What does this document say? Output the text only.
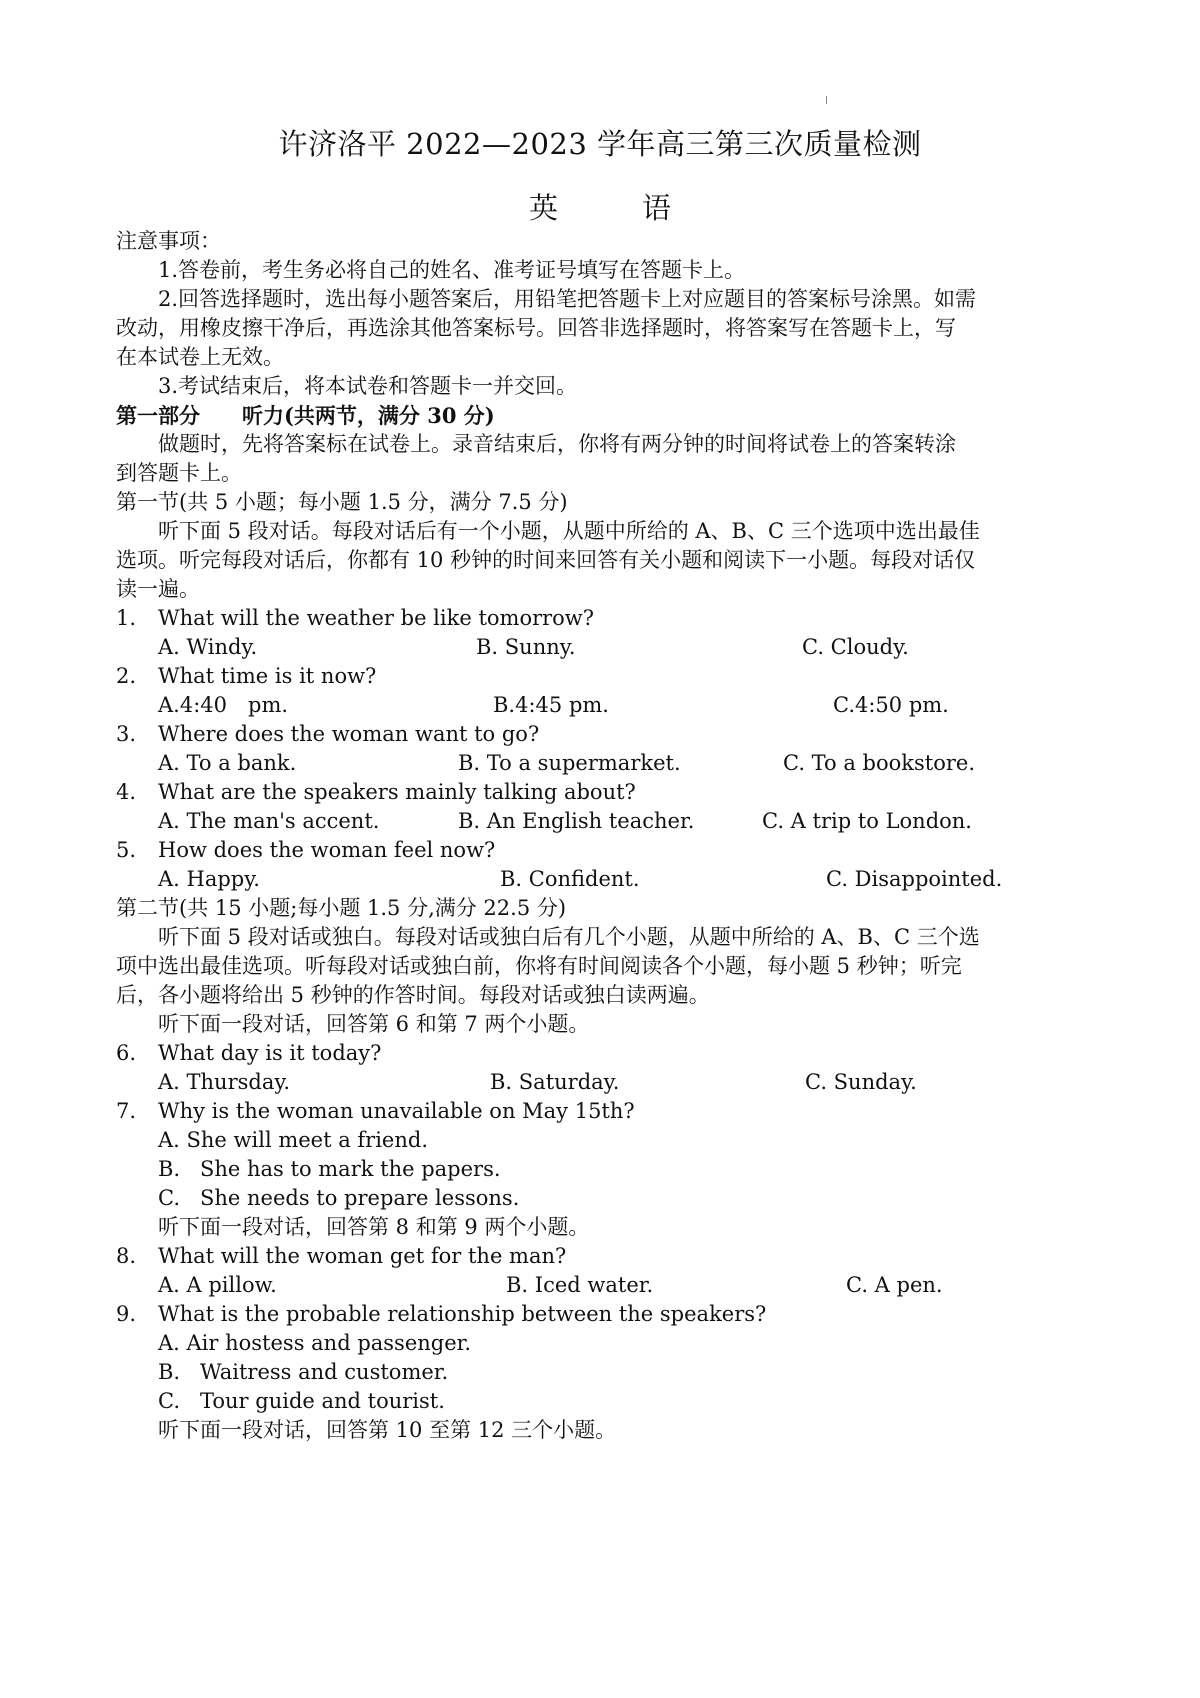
许济洛平 2022—2023 学年高三第三次质量检测
英	语
注意事项：
1.答卷前，考生务必将自己的姓名、准考证号填写在答题卡上。
2.回答选择题时，选出每小题答案后，用铅笔把答题卡上对应题目的答案标号涂黑。如需
改动，用橡皮擦干净后，再选涂其他答案标号。回答非选择题时，将答案写在答题卡上，写
在本试卷上无效。
3.考试结束后，将本试卷和答题卡一并交回。
第一部分　　听力(共两节，满分 30 分)
做题时，先将答案标在试卷上。录音结束后，你将有两分钟的时间将试卷上的答案转涂
到答题卡上。
第一节(共 5 小题；每小题 1.5 分，满分 7.5 分)
听下面 5 段对话。每段对话后有一个小题，从题中所给的 A、B、C 三个选项中选出最佳
选项。听完每段对话后，你都有 10 秒钟的时间来回答有关小题和阅读下一小题。每段对话仅
读一遍。
1. What will the weather be like tomorrow?
A. Windy.	B. Sunny.	C. Cloudy.
2. What time is it now?
A.4:40　pm.	B.4:45 pm.	C.4:50 pm.
3. Where does the woman want to go?
A. To a bank.	B. To a supermarket.	C. To a bookstore.
4. What are the speakers mainly talking about?
A. The man's accent.	B. An English teacher.	C. A trip to London.
5. How does the woman feel now?
A. Happy.	B. Confident.	C. Disappointed.
第二节(共 15 小题;每小题 1.5 分,满分 22.5 分)
听下面 5 段对话或独白。每段对话或独白后有几个小题，从题中所给的 A、B、C 三个选
项中选出最佳选项。听每段对话或独白前，你将有时间阅读各个小题，每小题 5 秒钟；听完
后，各小题将给出 5 秒钟的作答时间。每段对话或独白读两遍。
听下面一段对话，回答第 6 和第 7 两个小题。
6. What day is it today?
A. Thursday.	B. Saturday.	C. Sunday.
7. Why is the woman unavailable on May 15th?
A. She will meet a friend.
B. She has to mark the papers.
C. She needs to prepare lessons.
听下面一段对话，回答第 8 和第 9 两个小题。
8. What will the woman get for the man?
A. A pillow.	B. Iced water.	C. A pen.
9. What is the probable relationship between the speakers?
A. Air hostess and passenger.
B. Waitress and customer.
C. Tour guide and tourist.
听下面一段对话，回答第 10 至第 12 三个小题。
